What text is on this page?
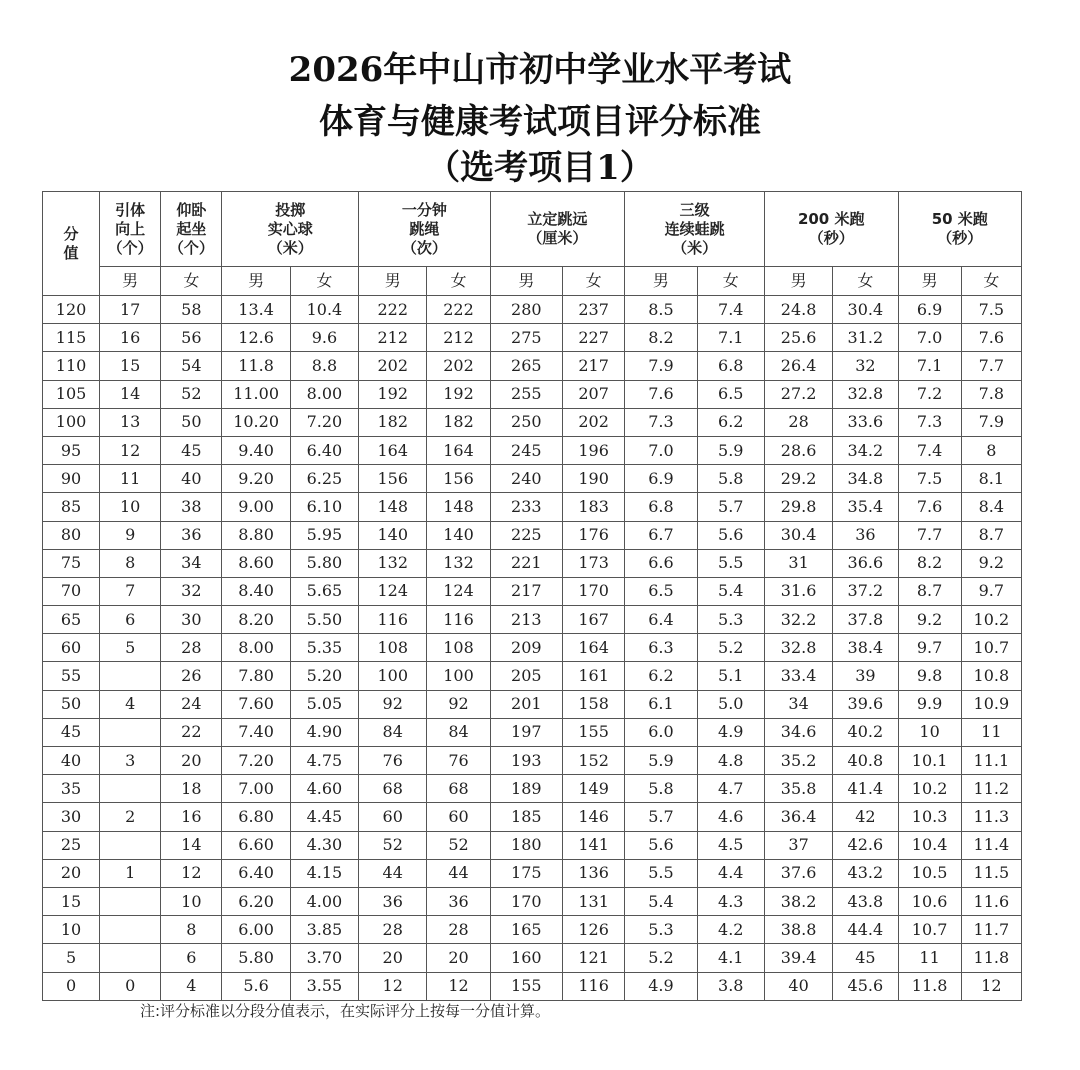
2026年中山市初中学业水平考试
体育与健康考试项目评分标准
（选考项目1）
分
值	引体
向上
（个）	仰卧
起坐
（个）	投掷
实心球
（米）		一分钟
跳绳
（次）		立定跳远
（厘米）		三级
连续蛙跳
（米）		200 米跑
（秒）		50 米跑
（秒）	
	男	女	男	女	男	女	男	女	男	女	男	女	男	女
120	17	58	13.4	10.4	222	222	280	237	8.5	7.4	24.8	30.4	6.9	7.5
115	16	56	12.6	9.6	212	212	275	227	8.2	7.1	25.6	31.2	7.0	7.6
110	15	54	11.8	8.8	202	202	265	217	7.9	6.8	26.4	32	7.1	7.7
105	14	52	11.00	8.00	192	192	255	207	7.6	6.5	27.2	32.8	7.2	7.8
100	13	50	10.20	7.20	182	182	250	202	7.3	6.2	28	33.6	7.3	7.9
95	12	45	9.40	6.40	164	164	245	196	7.0	5.9	28.6	34.2	7.4	8
90	11	40	9.20	6.25	156	156	240	190	6.9	5.8	29.2	34.8	7.5	8.1
85	10	38	9.00	6.10	148	148	233	183	6.8	5.7	29.8	35.4	7.6	8.4
80	9	36	8.80	5.95	140	140	225	176	6.7	5.6	30.4	36	7.7	8.7
75	8	34	8.60	5.80	132	132	221	173	6.6	5.5	31	36.6	8.2	9.2
70	7	32	8.40	5.65	124	124	217	170	6.5	5.4	31.6	37.2	8.7	9.7
65	6	30	8.20	5.50	116	116	213	167	6.4	5.3	32.2	37.8	9.2	10.2
60	5	28	8.00	5.35	108	108	209	164	6.3	5.2	32.8	38.4	9.7	10.7
55		26	7.80	5.20	100	100	205	161	6.2	5.1	33.4	39	9.8	10.8
50	4	24	7.60	5.05	92	92	201	158	6.1	5.0	34	39.6	9.9	10.9
45		22	7.40	4.90	84	84	197	155	6.0	4.9	34.6	40.2	10	11
40	3	20	7.20	4.75	76	76	193	152	5.9	4.8	35.2	40.8	10.1	11.1
35		18	7.00	4.60	68	68	189	149	5.8	4.7	35.8	41.4	10.2	11.2
30	2	16	6.80	4.45	60	60	185	146	5.7	4.6	36.4	42	10.3	11.3
25		14	6.60	4.30	52	52	180	141	5.6	4.5	37	42.6	10.4	11.4
20	1	12	6.40	4.15	44	44	175	136	5.5	4.4	37.6	43.2	10.5	11.5
15		10	6.20	4.00	36	36	170	131	5.4	4.3	38.2	43.8	10.6	11.6
10		8	6.00	3.85	28	28	165	126	5.3	4.2	38.8	44.4	10.7	11.7
5		6	5.80	3.70	20	20	160	121	5.2	4.1	39.4	45	11	11.8
0	0	4	5.6	3.55	12	12	155	116	4.9	3.8	40	45.6	11.8	12
注:评分标准以分段分值表示，在实际评分上按每一分值计算。
